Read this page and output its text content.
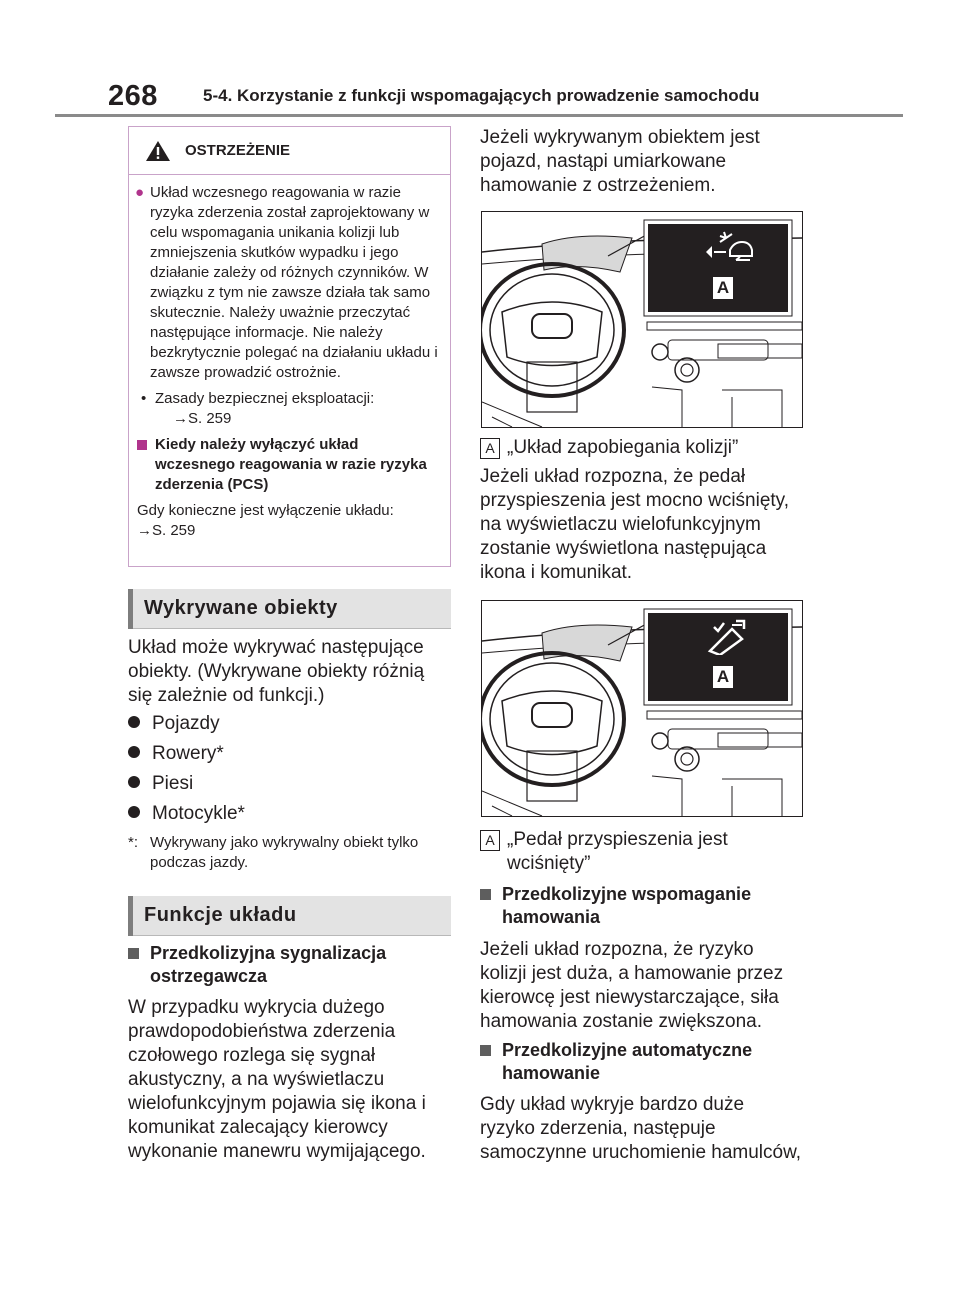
268	5-4. Korzystanie z funkcji wspomagających prowadzenie samochodu
OSTRZEŻENIE
● Układ wczesnego reagowania w razie ryzyka zderzenia został zaprojektowany w celu wspomagania unikania kolizji lub zmniejszenia skutków wypadku i jego działanie zależy od różnych czynników. W związku z tym nie zawsze działa tak samo skutecznie. Należy uważnie przeczytać następujące informacje. Nie należy bezkrytycznie polegać na działaniu układu i zawsze prowadzić ostrożnie.
• Zasady bezpiecznej eksploatacji:
→S. 259
Kiedy należy wyłączyć układ wczesnego reagowania w razie ryzyka zderzenia (PCS)
Gdy konieczne jest wyłączenie układu:
→S. 259
Wykrywane obiekty
Układ może wykrywać następujące obiekty. (Wykrywane obiekty różnią się zależnie od funkcji.)
Pojazdy
Rowery*
Piesi
Motocykle*
*: Wykrywany jako wykrywalny obiekt tylko podczas jazdy.
Funkcje układu
Przedkolizyjna sygnalizacja ostrzegawcza
W przypadku wykrycia dużego prawdopodobieństwa zderzenia czołowego rozlega się sygnał akustyczny, a na wyświetlaczu wielofunkcyjnym pojawia się ikona i komunikat zalecający kierowcy wykonanie manewru wymijającego.
Jeżeli wykrywanym obiektem jest pojazd, nastąpi umiarkowane hamowanie z ostrzeżeniem.
A
A „Układ zapobiegania kolizji”
Jeżeli układ rozpozna, że pedał przyspieszenia jest mocno wciśnięty, na wyświetlaczu wielofunkcyjnym zostanie wyświetlona następująca ikona i komunikat.
A
A „Pedał przyspieszenia jest wciśnięty”
Przedkolizyjne wspomaganie hamowania
Jeżeli układ rozpozna, że ryzyko kolizji jest duża, a hamowanie przez kierowcę jest niewystarczające, siła hamowania zostanie zwiększona.
Przedkolizyjne automatyczne hamowanie
Gdy układ wykryje bardzo duże ryzyko zderzenia, następuje samoczynne uruchomienie hamulców,
